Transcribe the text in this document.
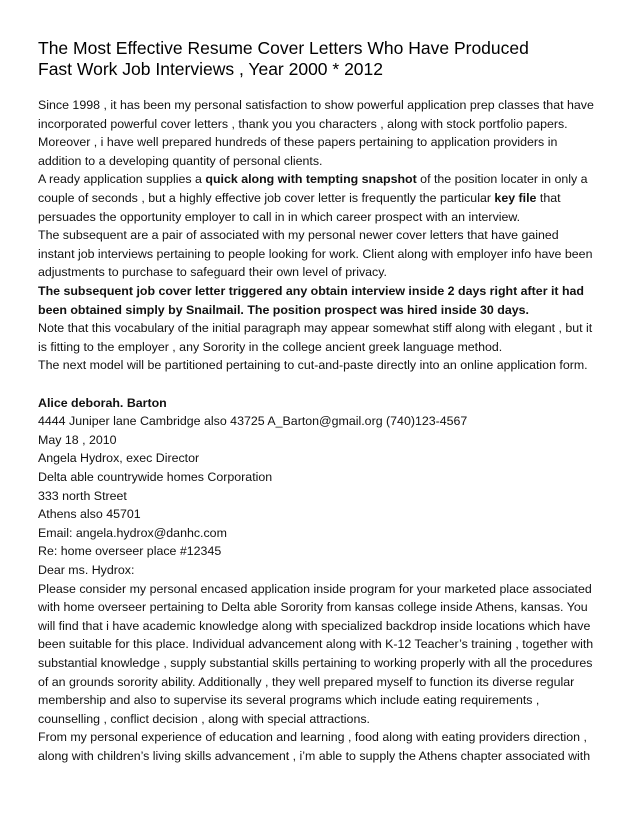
The Most Effective Resume Cover Letters Who Have Produced
Fast Work Job Interviews , Year 2000 * 2012
Since 1998 , it has been my personal satisfaction to show powerful application prep classes that have
incorporated powerful cover letters , thank you you characters , along with stock portfolio papers.
Moreover , i have well prepared hundreds of these papers pertaining to application providers in
addition to a developing quantity of personal clients.
A ready application supplies a quick along with tempting snapshot of the position locater in only a
couple of seconds , but a highly effective job cover letter is frequently the particular key file that
persuades the opportunity employer to call in in which career prospect with an interview.
The subsequent are a pair of associated with my personal newer cover letters that have gained
instant job interviews pertaining to people looking for work. Client along with employer info have been
adjustments to purchase to safeguard their own level of privacy.
The subsequent job cover letter triggered any obtain interview inside 2 days right after it had
been obtained simply by Snailmail. The position prospect was hired inside 30 days.
Note that this vocabulary of the initial paragraph may appear somewhat stiff along with elegant , but it
is fitting to the employer , any Sorority in the college ancient greek language method.
The next model will be partitioned pertaining to cut-and-paste directly into an online application form.
Alice deborah. Barton
4444 Juniper lane Cambridge also 43725 A_Barton@gmail.org (740)123-4567
May 18 , 2010
Angela Hydrox, exec Director
Delta able countrywide homes Corporation
333 north Street
Athens also 45701
Email: angela.hydrox@danhc.com
Re: home overseer place #12345
Dear ms. Hydrox:
Please consider my personal encased application inside program for your marketed place associated
with home overseer pertaining to Delta able Sorority from kansas college inside Athens, kansas. You
will find that i have academic knowledge along with specialized backdrop inside locations which have
been suitable for this place. Individual advancement along with K-12 Teacher’s training , together with
substantial knowledge , supply substantial skills pertaining to working properly with all the procedures
of an grounds sorority ability. Additionally , they well prepared myself to function its diverse regular
membership and also to supervise its several programs which include eating requirements ,
counselling , conflict decision , along with special attractions.
From my personal experience of education and learning , food along with eating providers direction ,
along with children’s living skills advancement , i’m able to supply the Athens chapter associated with
